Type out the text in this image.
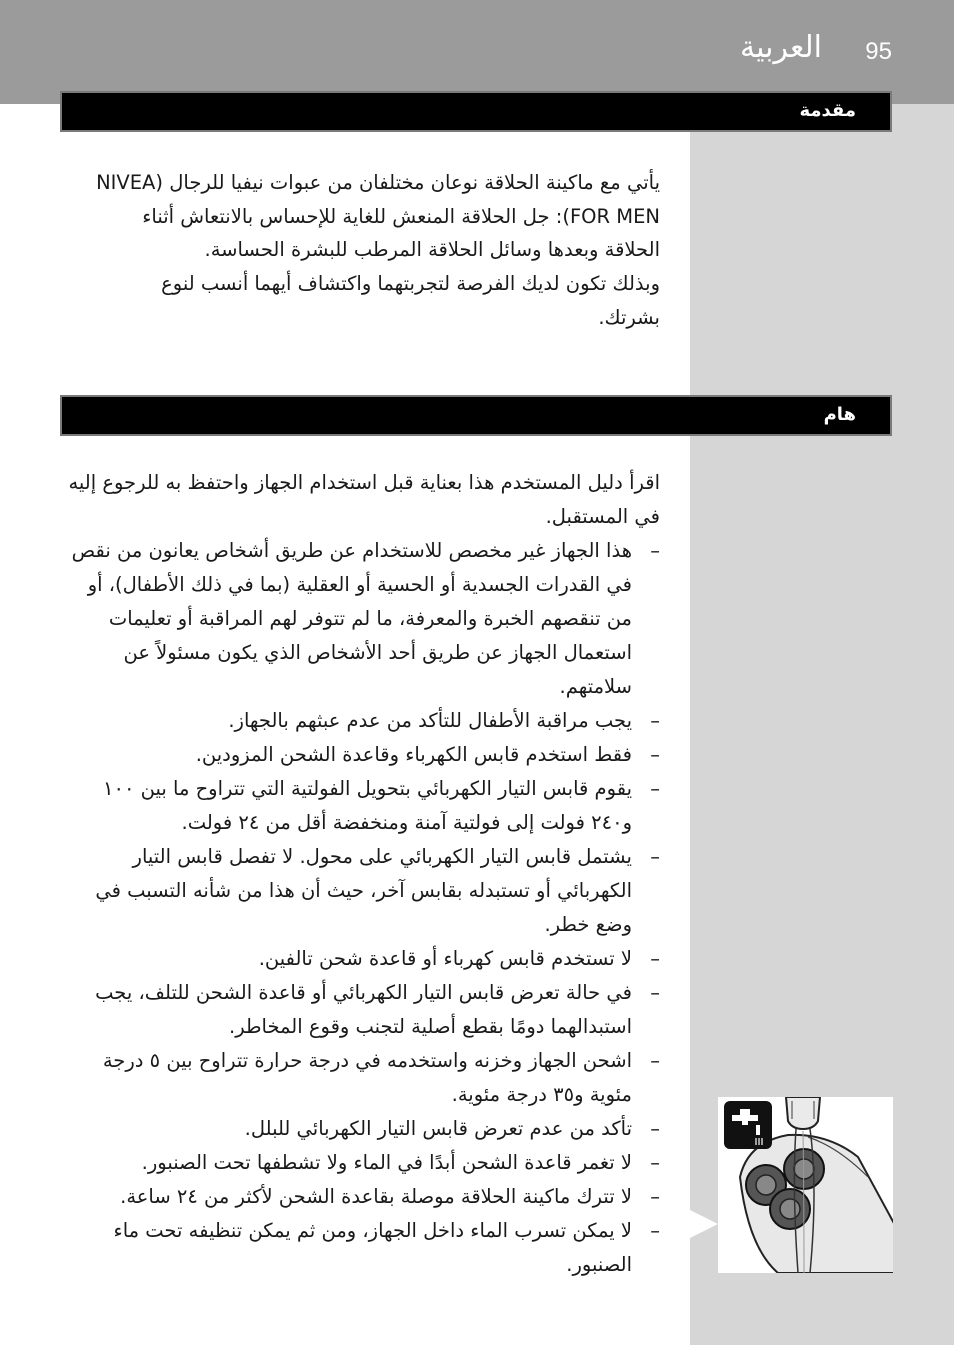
العربية 95
مقدمة

يأتي مع ماكينة الحلاقة نوعان مختلفان من عبوات نيفيا للرجال (NIVEA FOR MEN): جل الحلاقة المنعش للغاية للإحساس بالانتعاش أثناء الحلاقة وبعدها وسائل الحلاقة المرطب للبشرة الحساسة.

وبذلك تكون لديك الفرصة لتجربتهما واكتشاف أيهما أنسب لنوع بشرتك.

هام

اقرأ دليل المستخدم هذا بعناية قبل استخدام الجهاز واحتفظ به للرجوع إليه في المستقبل.

–
هذا الجهاز غير مخصص للاستخدام عن طريق أشخاص يعانون من نقص في القدرات الجسدية أو الحسية أو العقلية (بما في ذلك الأطفال)، أو من تنقصهم الخبرة والمعرفة، ما لم تتوفر لهم المراقبة أو تعليمات استعمال الجهاز عن طريق أحد الأشخاص الذي يكون مسئولاً عن سلامتهم.
–
يجب مراقبة الأطفال للتأكد من عدم عبثهم بالجهاز.
–
فقط استخدم قابس الكهرباء وقاعدة الشحن المزودين.
–
يقوم قابس التيار الكهربائي بتحويل الفولتية التي تتراوح ما بين ١٠٠ و٢٤٠ فولت إلى فولتية آمنة ومنخفضة أقل من ٢٤ فولت.
–
يشتمل قابس التيار الكهربائي على محول. لا تفصل قابس التيار الكهربائي أو تستبدله بقابس آخر، حيث أن هذا من شأنه التسبب في وضع خطر.
–
لا تستخدم قابس كهرباء أو قاعدة شحن تالفين.
–
في حالة تعرض قابس التيار الكهربائي أو قاعدة الشحن للتلف، يجب استبدالهما دومًا بقطع أصلية لتجنب وقوع المخاطر.
–
اشحن الجهاز وخزنه واستخدمه في درجة حرارة تتراوح بين ٥ درجة مئوية و٣٥ درجة مئوية.
–
تأكد من عدم تعرض قابس التيار الكهربائي للبلل.
–
لا تغمر قاعدة الشحن أبدًا في الماء ولا تشطفها تحت الصنبور.
–
لا تترك ماكينة الحلاقة موصلة بقاعدة الشحن لأكثر من ٢٤ ساعة.
–
لا يمكن تسرب الماء داخل الجهاز، ومن ثم يمكن تنظيفه تحت ماء الصنبور.
